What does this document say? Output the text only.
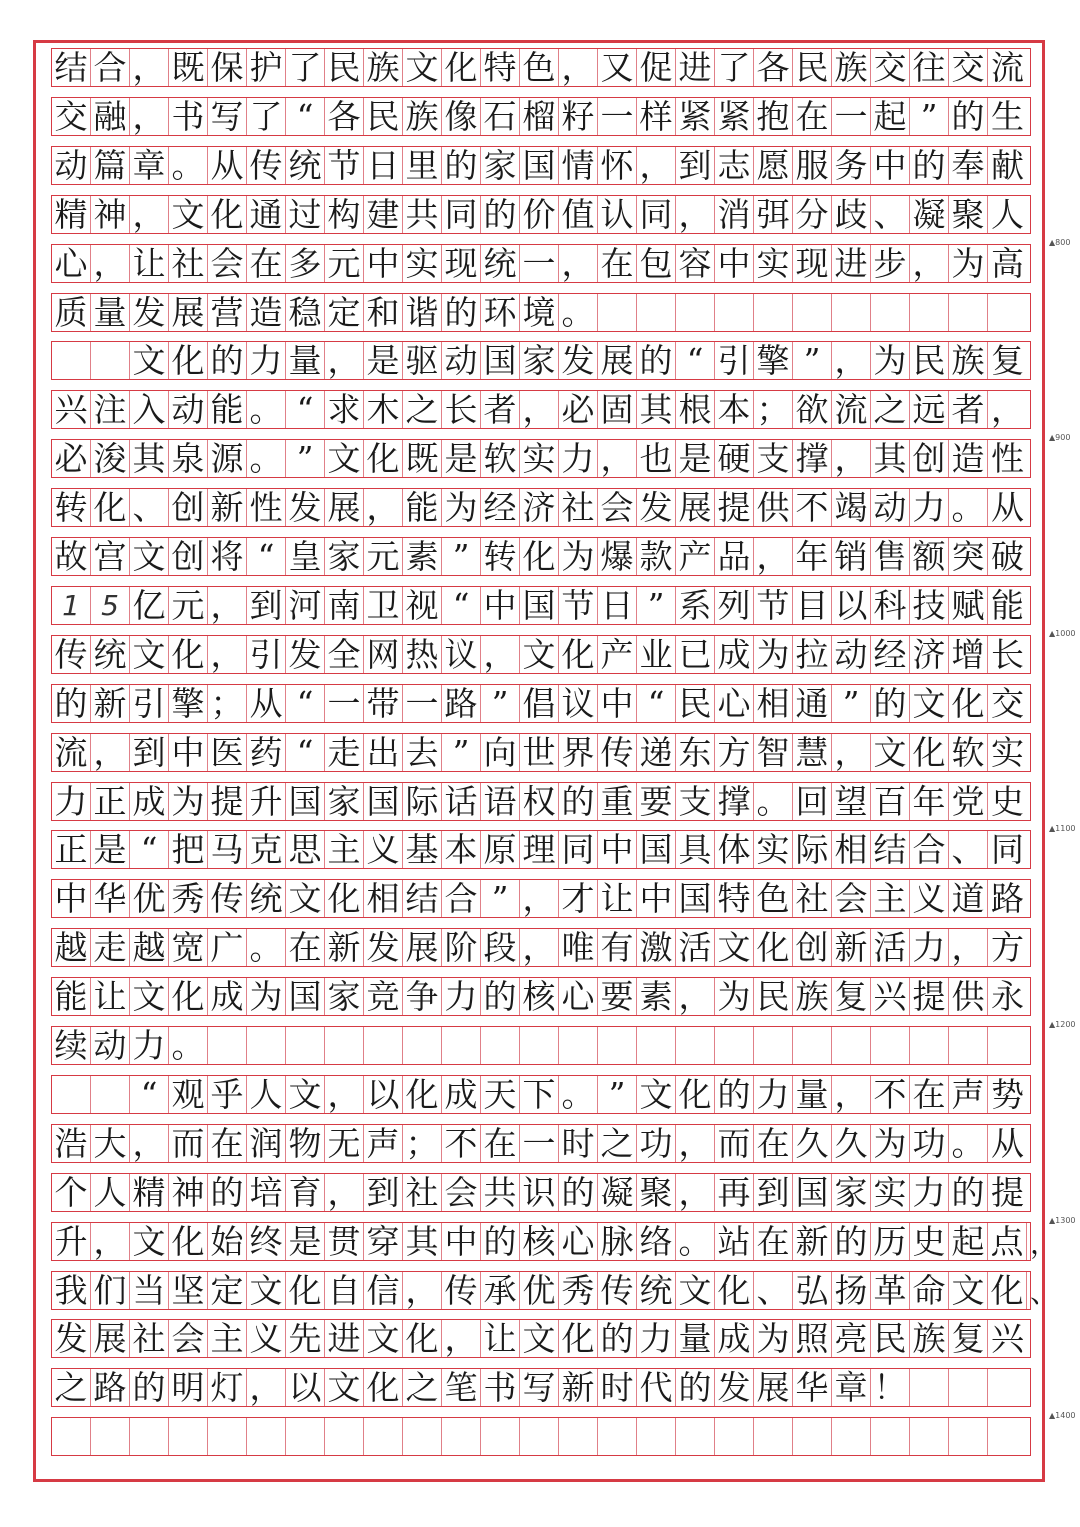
结 合 ， 既 保 护 了 民 族 文 化 特 色 ， 又 促 进 了 各 民 族 交 往 交 流
交 融 ， 书 写 了 “ 各 民 族 像 石 榴 籽 一 样 紧 紧 抱 在 一 起 ” 的 生
动 篇 章 。 从 传 统 节 日 里 的 家 国 情 怀 ， 到 志 愿 服 务 中 的 奉 献
精 神 ， 文 化 通 过 构 建 共 同 的 价 值 认 同 ， 消 弭 分 歧 、 凝 聚 人
心 ， 让 社 会 在 多 元 中 实 现 统 一 ， 在 包 容 中 实 现 进 步 ， 为 高
质 量 发 展 营 造 稳 定 和 谐 的 环 境 。
文 化 的 力 量 ， 是 驱 动 国 家 发 展 的 “ 引 擎 ” ， 为 民 族 复
兴 注 入 动 能 。 “ 求 木 之 长 者 ， 必 固 其 根 本 ； 欲 流 之 远 者 ，
必 浚 其 泉 源 。 ” 文 化 既 是 软 实 力 ， 也 是 硬 支 撑 ， 其 创 造 性
转 化 、 创 新 性 发 展 ， 能 为 经 济 社 会 发 展 提 供 不 竭 动 力 。 从
故 宫 文 创 将 “ 皇 家 元 素 ” 转 化 为 爆 款 产 品 ， 年 销 售 额 突 破
1 5 亿 元 ， 到 河 南 卫 视 “ 中 国 节 日 ” 系 列 节 目 以 科 技 赋 能
传 统 文 化 ， 引 发 全 网 热 议 ， 文 化 产 业 已 成 为 拉 动 经 济 增 长
的 新 引 擎 ； 从 “ 一 带 一 路 ” 倡 议 中 “ 民 心 相 通 ” 的 文 化 交
流 ， 到 中 医 药 “ 走 出 去 ” 向 世 界 传 递 东 方 智 慧 ， 文 化 软 实
力 正 成 为 提 升 国 家 国 际 话 语 权 的 重 要 支 撑 。 回 望 百 年 党 史
正 是 “ 把 马 克 思 主 义 基 本 原 理 同 中 国 具 体 实 际 相 结 合 、 同
中 华 优 秀 传 统 文 化 相 结 合 ” ， 才 让 中 国 特 色 社 会 主 义 道 路
越 走 越 宽 广 。 在 新 发 展 阶 段 ， 唯 有 激 活 文 化 创 新 活 力 ， 方
能 让 文 化 成 为 国 家 竞 争 力 的 核 心 要 素 ， 为 民 族 复 兴 提 供 永
续 动 力 。
“ 观 乎 人 文 ， 以 化 成 天 下 。 ” 文 化 的 力 量 ， 不 在 声 势
浩 大 ， 而 在 润 物 无 声 ； 不 在 一 时 之 功 ， 而 在 久 久 为 功 。 从
个 人 精 神 的 培 育 ， 到 社 会 共 识 的 凝 聚 ， 再 到 国 家 实 力 的 提
升 ， 文 化 始 终 是 贯 穿 其 中 的 核 心 脉 络 。 站 在 新 的 历 史 起 点 ，
我 们 当 坚 定 文 化 自 信 ， 传 承 优 秀 传 统 文 化 、 弘 扬 革 命 文 化 、
发 展 社 会 主 义 先 进 文 化 ， 让 文 化 的 力 量 成 为 照 亮 民 族 复 兴
之 路 的 明 灯 ， 以 文 化 之 笔 书 写 新 时 代 的 发 展 华 章 ！
▲800
▲900
▲1000
▲1100
▲1200
▲1300
▲1400
